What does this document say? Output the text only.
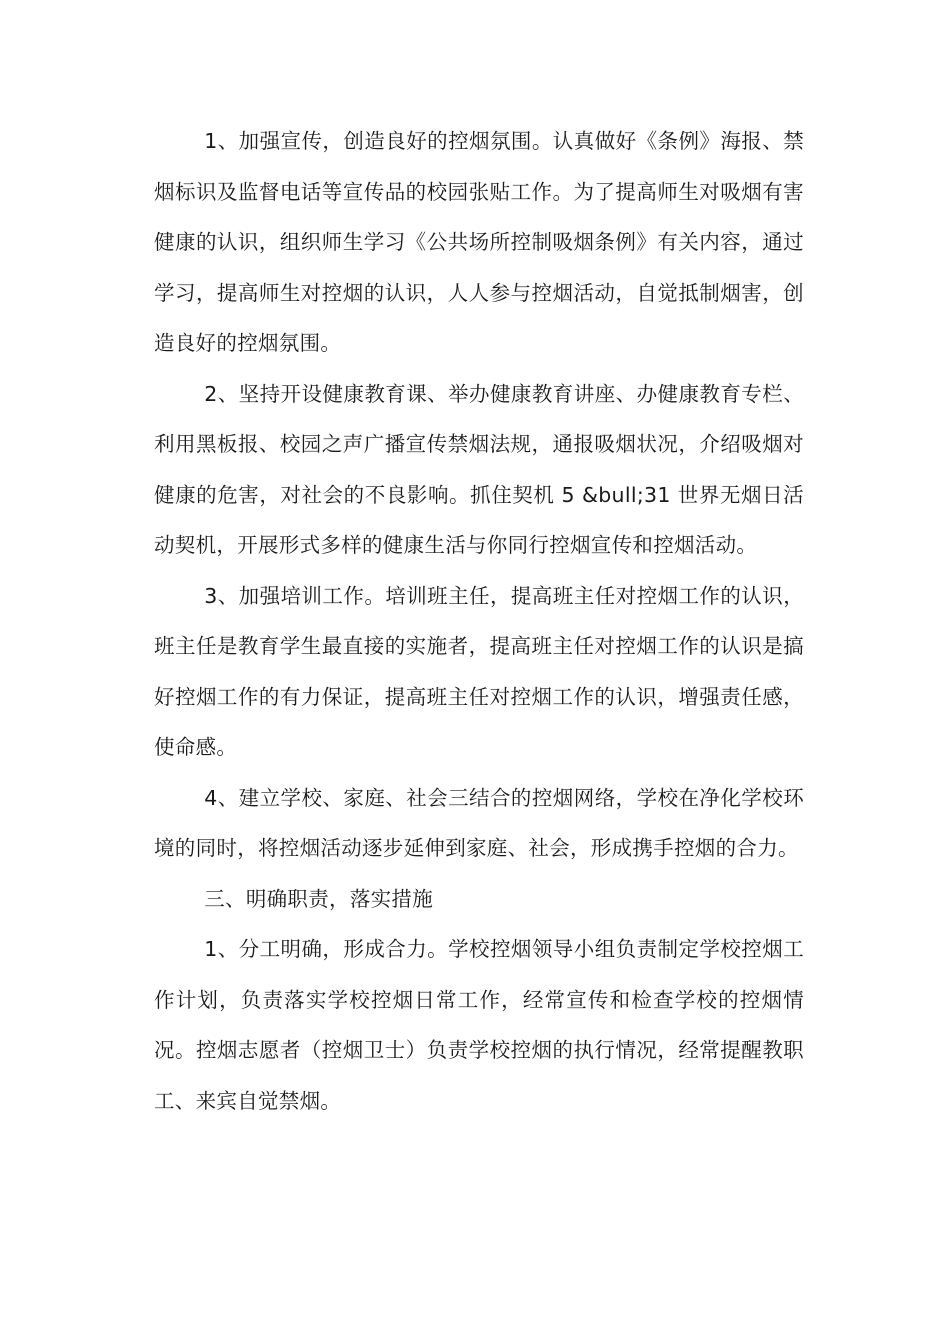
1、加强宣传，创造良好的控烟氛围。认真做好《条例》海报、禁烟标识及监督电话等宣传品的校园张贴工作。为了提高师生对吸烟有害健康的认识，组织师生学习《公共场所控制吸烟条例》有关内容，通过学习，提高师生对控烟的认识，人人参与控烟活动，自觉抵制烟害，创造良好的控烟氛围。

2、坚持开设健康教育课、举办健康教育讲座、办健康教育专栏、利用黑板报、校园之声广播宣传禁烟法规，通报吸烟状况，介绍吸烟对健康的危害，对社会的不良影响。抓住契机 5 &bull;31 世界无烟日活动契机，开展形式多样的健康生活与你同行控烟宣传和控烟活动。

3、加强培训工作。培训班主任，提高班主任对控烟工作的认识，班主任是教育学生最直接的实施者，提高班主任对控烟工作的认识是搞好控烟工作的有力保证，提高班主任对控烟工作的认识，增强责任感，使命感。

4、建立学校、家庭、社会三结合的控烟网络，学校在净化学校环境的同时，将控烟活动逐步延伸到家庭、社会，形成携手控烟的合力。

三、明确职责，落实措施

1、分工明确，形成合力。学校控烟领导小组负责制定学校控烟工作计划，负责落实学校控烟日常工作，经常宣传和检查学校的控烟情况。控烟志愿者（控烟卫士）负责学校控烟的执行情况，经常提醒教职工、来宾自觉禁烟。
